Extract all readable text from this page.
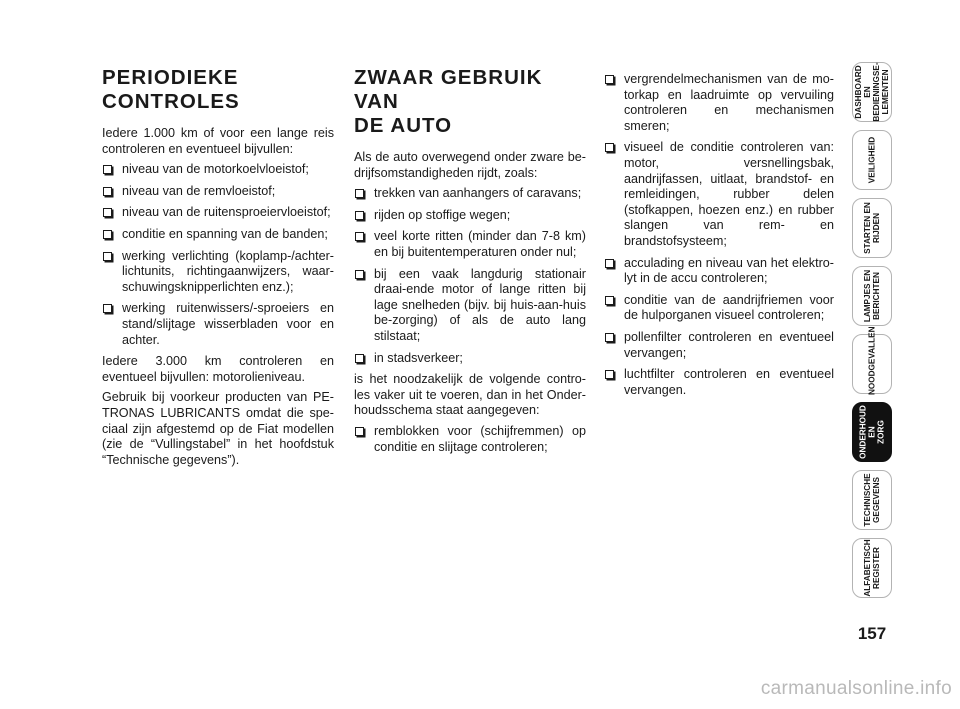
PERIODIEKE
CONTROLES

Iedere 1.000 km of voor een lange reis controleren en eventueel bijvullen:

niveau van de motorkoelvloeistof;
niveau van de remvloeistof;
niveau van de ruitensproeiervloeistof;
conditie en spanning van de banden;
werking verlichting (koplamp-/achter-lichtunits, richtingaanwijzers, waar-schuwingsknipperlichten enz.);
werking ruitenwissers/-sproeiers en stand/slijtage wisserbladen voor en achter.

Iedere 3.000 km controleren en eventueel bijvullen: motorolieniveau.

Gebruik bij voorkeur producten van PE-TRONAS LUBRICANTS omdat die spe-ciaal zijn afgestemd op de Fiat modellen (zie de “Vullingstabel” in het hoofdstuk “Technische gegevens”).

ZWAAR GEBRUIK VAN
DE AUTO

Als de auto overwegend onder zware be-drijfsomstandigheden rijdt, zoals:

trekken van aanhangers of caravans;
rijden op stoffige wegen;
veel korte ritten (minder dan 7-8 km) en bij buitentemperaturen onder nul;
bij een vaak langdurig stationair draai-ende motor of lange ritten bij lage snelheden (bijv. bij huis-aan-huis be-zorging) of als de auto lang stilstaat;
in stadsverkeer;

is het noodzakelijk de volgende contro-les vaker uit te voeren, dan in het Onder-houdsschema staat aangegeven:

remblokken voor (schijfremmen) op conditie en slijtage controleren;
vergrendelmechanismen van de mo-torkap en laadruimte op vervuiling controleren en mechanismen smeren;
visueel de conditie controleren van: motor, versnellingsbak, aandrijfassen, uitlaat, brandstof- en remleidingen, rubber delen (stofkappen, hoezen enz.) en rubber slangen van rem- en brandstofsysteem;
acculading en niveau van het elektro-lyt in de accu controleren;
conditie van de aandrijfriemen voor de hulporganen visueel controleren;
pollenfilter controleren en eventueel vervangen;
luchtfilter controleren en eventueel vervangen.
DASHBOARD EN
BEDIENINGSE-
LEMENTEN
VEILIGHEID
STARTEN EN
RIJDEN
LAMPJES EN
BERICHTEN
NOODGEVALLEN
ONDERHOUD EN
ZORG
TECHNISCHE
GEGEVENS
ALFABETISCH
REGISTER
157
carmanualsonline.info
